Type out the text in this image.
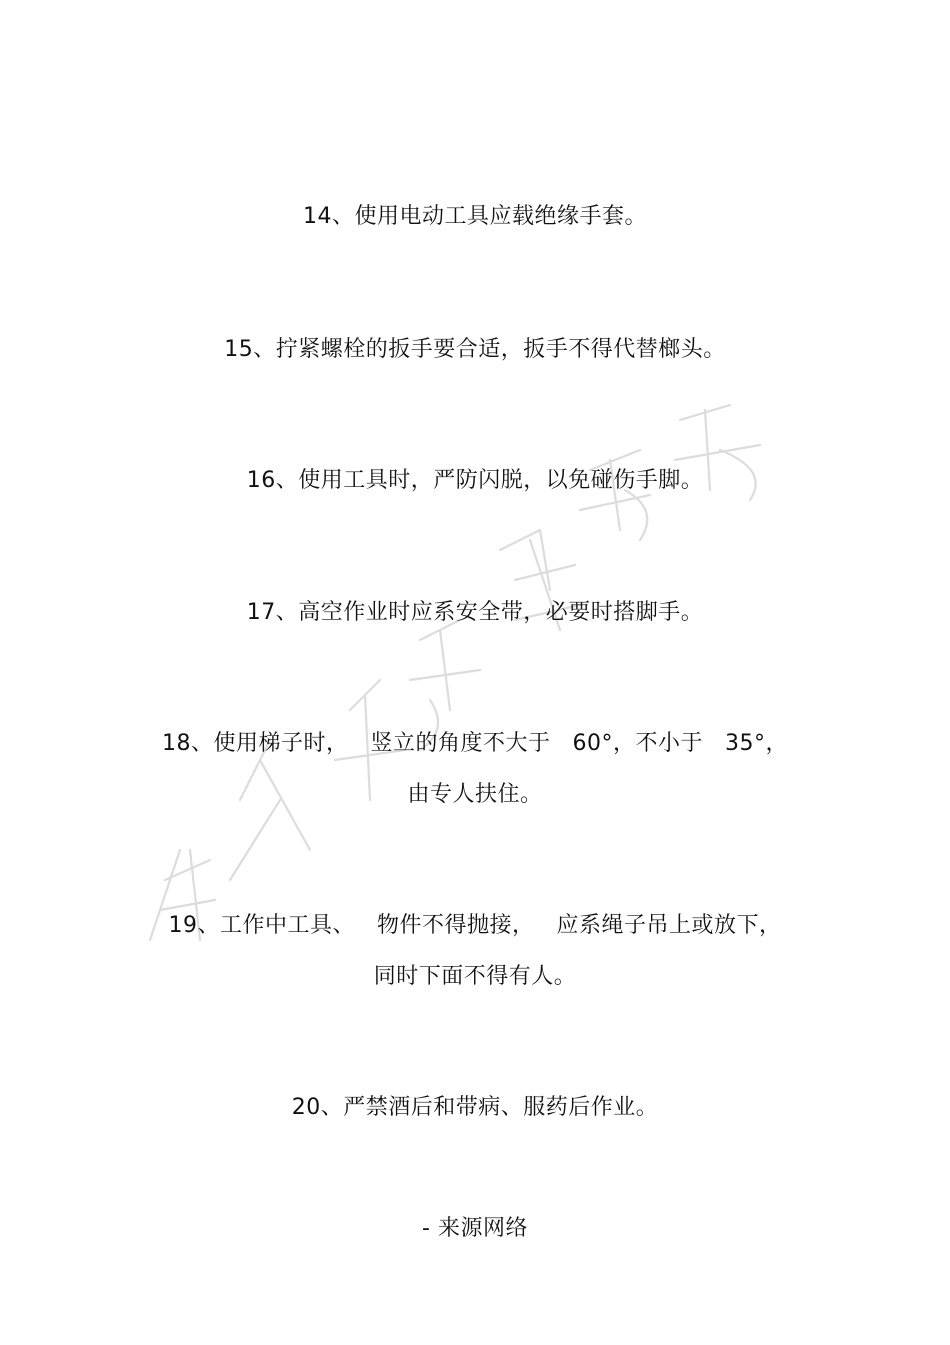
14、使用电动工具应载绝缘手套。
15、拧紧螺栓的扳手要合适，扳手不得代替榔头。
16、使用工具时，严防闪脱，以免碰伤手脚。
17、高空作业时应系安全带，必要时搭脚手。
18、使用梯子时， 竖立的角度不大于 60°，不小于 35°，
由专人扶住。
19、工作中工具、 物件不得抛接， 应系绳子吊上或放下，
同时下面不得有人。
20、严禁酒后和带病、服药后作业。
- 来源网络
